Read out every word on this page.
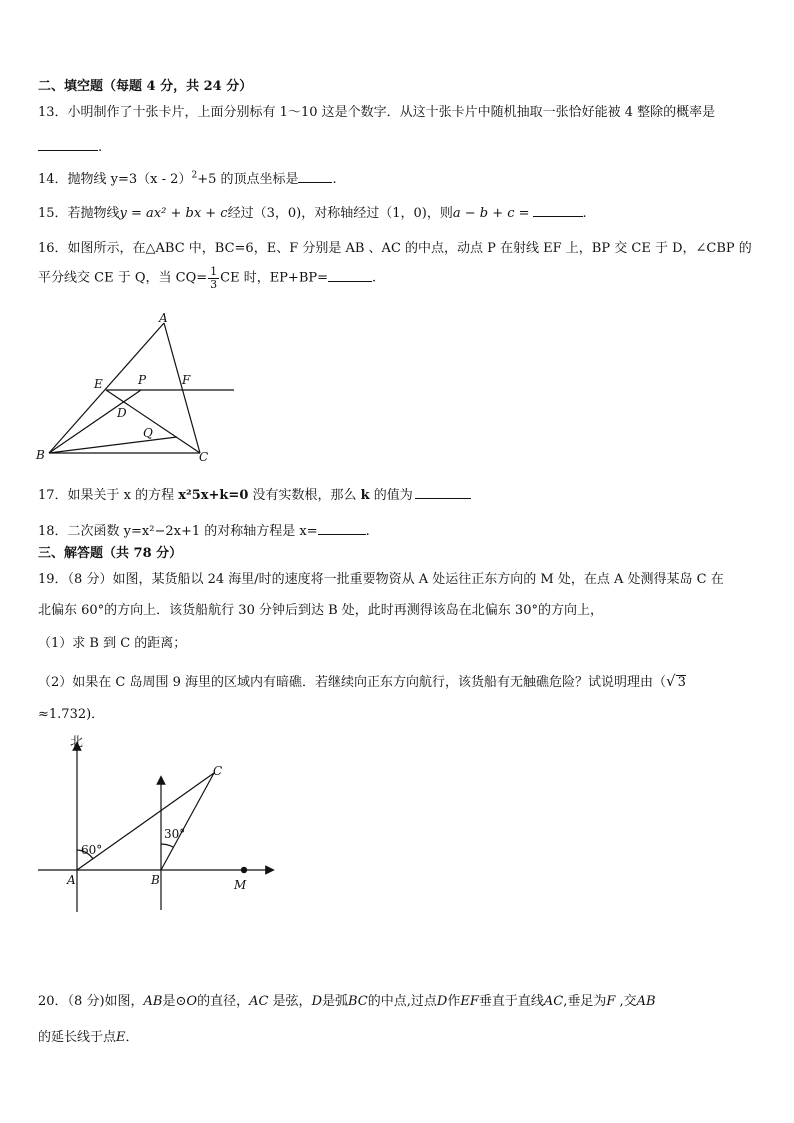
二、填空题（每题 4 分，共 24 分）
13．小明制作了十张卡片，上面分别标有 1～10 这是个数字．从这十张卡片中随机抽取一张恰好能被 4 整除的概率是
.
14．抛物线 y=3（x - 2）$^2$+5 的顶点坐标是	.
15．若抛物线y = ax² + bx + c经过（3，0)，对称轴经过（1，0)，则a − b + c =	.
16．如图所示，在△ABC 中，BC=6，E、F 分别是 AB 、AC 的中点，动点 P 在射线 EF 上，BP 交 CE 于 D，∠CBP 的
平分线交 CE 于 Q，当 $CQ= \frac{1}{3}$ CE 时，EP+BP=	.
A
B	C
D
E	F
P
Q
17．如果关于 x 的方程 x²5x+k=0 没有实数根，那么 k 的值为
18．二次函数 y=x²−2x+1 的对称轴方程是 x=	.
三、解答题（共 78 分）
19．（8 分）如图，某货船以 24 海里/时的速度将一批重要物资从 A 处运往正东方向的 M 处，在点 A 处测得某岛 C 在
北偏东 60°的方向上．该货船航行 30 分钟后到达 B 处，此时再测得该岛在北偏东 30°的方向上，
（1）求 B 到 C 的距离；
（2）如果在 C 岛周围 9 海里的区域内有暗礁．若继续向正东方向航行，该货船有无触礁危险？试说明理由（√ 3
≈1.732)．
北
60°
30°
A	B
C
M
20．（8 分)如图，AB是⊙O的直径，AC 是弦，D是弧BC的中点,过点D作EF垂直于直线AC,垂足为F ,交AB
的延长线于点E．
